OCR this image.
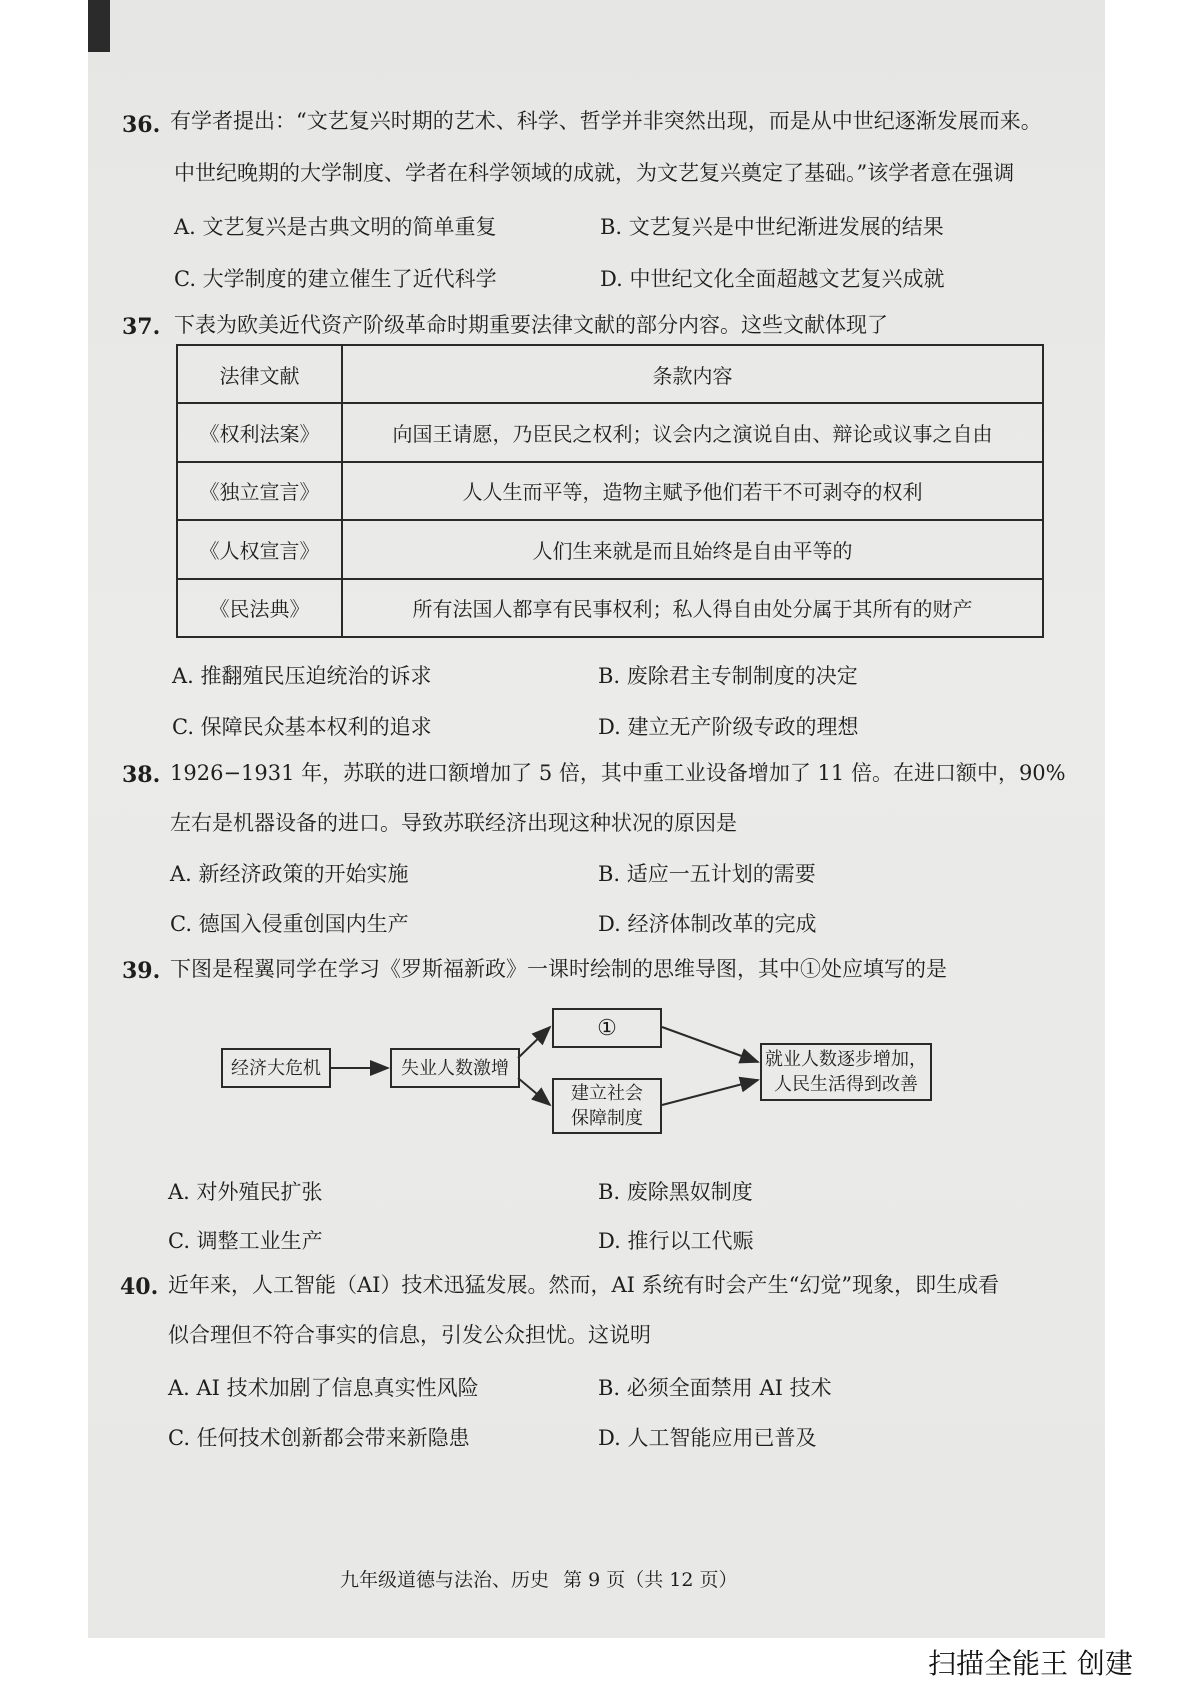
36. 有学者提出：“文艺复兴时期的艺术、科学、哲学并非突然出现，而是从中世纪逐渐发展而来。
中世纪晚期的大学制度、学者在科学领域的成就，为文艺复兴奠定了基础。”该学者意在强调
A. 文艺复兴是古典文明的简单重复	B. 文艺复兴是中世纪渐进发展的结果
C. 大学制度的建立催生了近代科学	D. 中世纪文化全面超越文艺复兴成就
37. 下表为欧美近代资产阶级革命时期重要法律文献的部分内容。这些文献体现了
法律文献	条款内容
《权利法案》	向国王请愿，乃臣民之权利；议会内之演说自由、辩论或议事之自由
《独立宣言》	人人生而平等，造物主赋予他们若干不可剥夺的权利
《人权宣言》	人们生来就是而且始终是自由平等的
《民法典》	所有法国人都享有民事权利；私人得自由处分属于其所有的财产
A. 推翻殖民压迫统治的诉求	B. 废除君主专制制度的决定
C. 保障民众基本权利的追求	D. 建立无产阶级专政的理想
38. 1926−1931 年，苏联的进口额增加了 5 倍，其中重工业设备增加了 11 倍。在进口额中，90%
左右是机器设备的进口。导致苏联经济出现这种状况的原因是
A. 新经济政策的开始实施	B. 适应一五计划的需要
C. 德国入侵重创国内生产	D. 经济体制改革的完成
39. 下图是程翼同学在学习《罗斯福新政》一课时绘制的思维导图，其中①处应填写的是
经济大危机	失业人数激增
①
建立社会
保障制度
就业人数逐步增加，
人民生活得到改善
A. 对外殖民扩张	B. 废除黑奴制度
C. 调整工业生产	D. 推行以工代赈
40. 近年来，人工智能（AI）技术迅猛发展。然而，AI 系统有时会产生“幻觉”现象，即生成看
似合理但不符合事实的信息，引发公众担忧。这说明
A. AI 技术加剧了信息真实性风险	B. 必须全面禁用 AI 技术
C. 任何技术创新都会带来新隐患	D. 人工智能应用已普及
九年级道德与法治、历史 第 9 页（共 12 页）
扫描全能王 创建
